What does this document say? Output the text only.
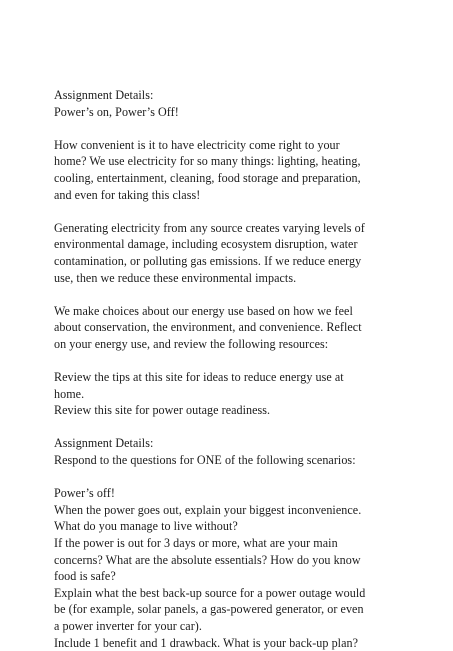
Assignment Details:
Power’s on, Power’s Off!
How convenient is it to have electricity come right to your
home? We use electricity for so many things: lighting, heating,
cooling, entertainment, cleaning, food storage and preparation,
and even for taking this class!
Generating electricity from any source creates varying levels of
environmental damage, including ecosystem disruption, water
contamination, or polluting gas emissions. If we reduce energy
use, then we reduce these environmental impacts.
We make choices about our energy use based on how we feel
about conservation, the environment, and convenience. Reflect
on your energy use, and review the following resources:
Review the tips at this site for ideas to reduce energy use at
home.
Review this site for power outage readiness.
Assignment Details:
Respond to the questions for ONE of the following scenarios:
Power’s off!
When the power goes out, explain your biggest inconvenience.
What do you manage to live without?
If the power is out for 3 days or more, what are your main
concerns? What are the absolute essentials? How do you know
food is safe?
Explain what the best back-up source for a power outage would
be (for example, solar panels, a gas-powered generator, or even
a power inverter for your car).
Include 1 benefit and 1 drawback. What is your back-up plan?
